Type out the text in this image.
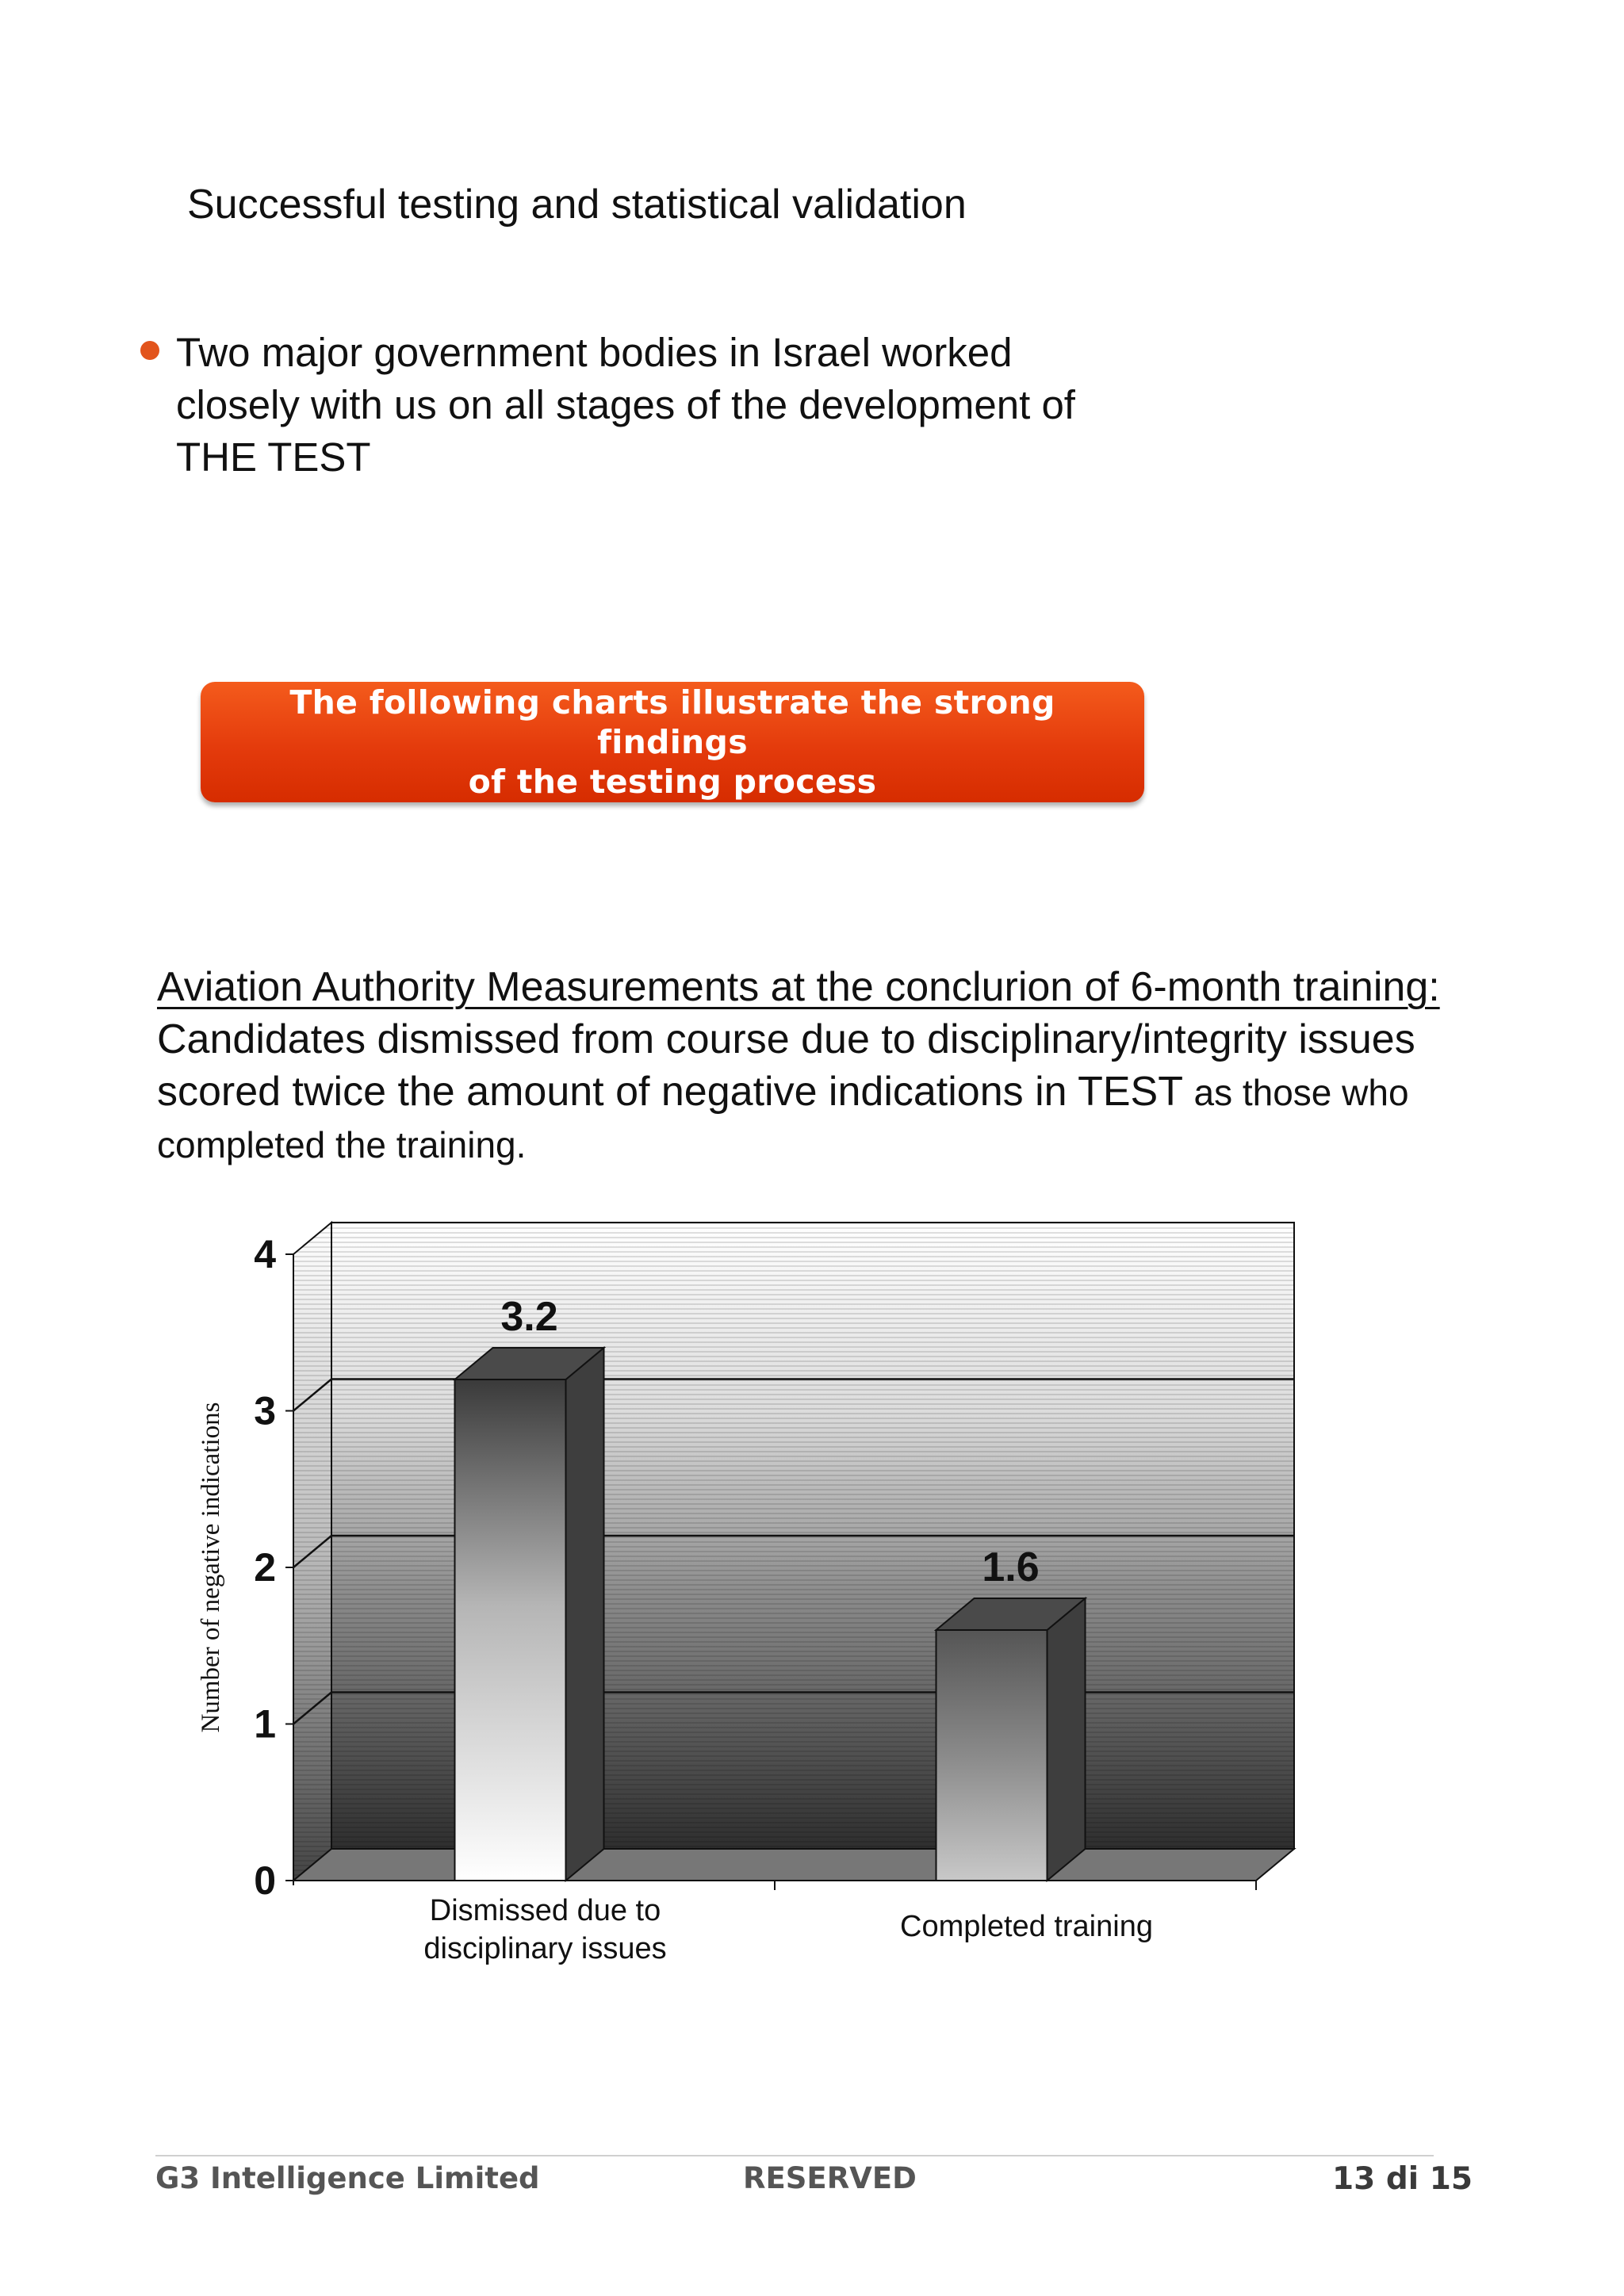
Successful testing and statistical validation
Two major government bodies in Israel worked
closely with us on all stages of the development of
THE TEST
The following charts illustrate the strong findings
of the testing process
Aviation Authority Measurements at the conclurion of 6-month training:
Candidates dismissed from course due to disciplinary/integrity issues
scored twice the amount of negative indications in TEST as those who
completed the training.
0
1
2
3
4
Number of negative indications
3.2
Dismissed due to
disciplinary issues
1.6
Completed training
G3 Intelligence Limited	RESERVED	13 di 15
